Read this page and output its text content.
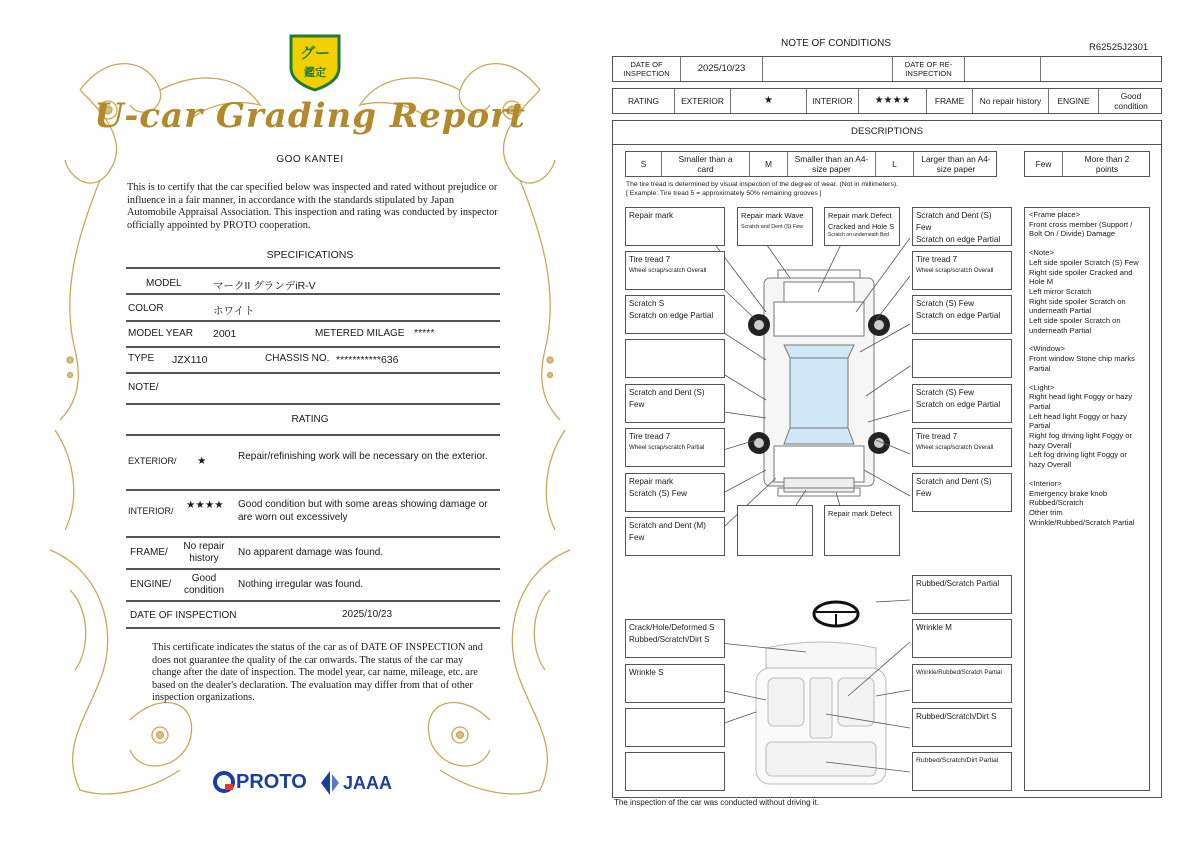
グー
鑑定
U-car Grading Report
GOO KANTEI
This is to certify that the car specified below was inspected and rated without prejudice or influence in a fair manner, in accordance with the standards stipulated by Japan Automobile Appraisal Association. This inspection and rating was conducted by inspector officially appointed by PROTO cooperation.
SPECIFICATIONS
MODEL	マークII グランデiR-V
COLOR	ホワイト
MODEL YEAR 2001	METERED MILAGE *****
TYPE JZX110	CHASSIS NO. ***********636
NOTE/
RATING
EXTERIOR/ ★	Repair/refinishing work will be necessary on the exterior.
INTERIOR/ ★★★★ Good condition but with some areas showing damage or are worn out excessively
FRAME/
No repair history	No apparent damage was found.
ENGINE/
Good condition	Nothing irregular was found.
DATE OF INSPECTION	2025/10/23
This certificate indicates the status of the car as of DATE OF INSPECTION and does not guarantee the quality of the car onwards. The status of the car may change after the date of inspection. The model year, car name, mileage, etc. are based on the dealer's declaration. The evaluation may differ from that of other inspection organizations.
PROTO JAAA
NOTE OF CONDITIONS	R62525J2301
DATE OF INSPECTION	2025/10/23	DATE OF RE-INSPECTION
RATING	EXTERIOR	★	INTERIOR	★★★★	FRAME	No repair history	ENGINE	Good condition
DESCRIPTIONS
S	Smaller than a card	M	Smaller than an A4-size paper	L	Larger than an A4-size paper	Few	More than 2 points
The tire tread is determined by visual inspection of the degree of wear. (Not in millimeters).
[ Example: Tire tread 5 = approximately 50% remaining grooves ]
Repair mark
Tire tread 7
Wheel scrap/scratch Overall
Scratch S
Scratch on edge Partial
Scratch and Dent (S) Few
Tire tread 7
Wheel scrap/scratch Partial
Repair mark
Scratch (S) Few
Scratch and Dent (M) Few
Repair mark Wave
Scratch and Dent (S) Few
Repair mark Defect
Cracked and Hole S
Scratch on underneath Bed
Repair mark Defect
Scratch and Dent (S) Few
Scratch on edge Partial
Tire tread 7
Wheel scrap/scratch Overall
Scratch (S) Few
Scratch on edge Partial
Scratch (S) Few
Scratch on edge Partial
Tire tread 7
Wheel scrap/scratch Overall
Scratch and Dent (S) Few
Rubbed/Scratch Partial
Crack/Hole/Deformed S
Rubbed/Scratch/Dirt S
Wrinkle M
Wrinkle S	Wrinkle/Rubbed/Scratch Partial
Rubbed/Scratch/Dirt S
Rubbed/Scratch/Dirt Partial
<Frame place>
Front cross member (Support / Bolt On / Divide) Damage
<Note>
Left side spoiler Scratch (S) Few
Right side spoiler Cracked and Hole M
Left mirror Scratch
Right side spoiler Scratch on underneath Partial
Left side spoiler Scratch on underneath Partial
<Window>
Front window Stone chip marks Partial
<Light>
Right head light Foggy or hazy Partial
Left head light Foggy or hazy Partial
Right fog driving light Foggy or hazy Overall
Left fog driving light Foggy or hazy Overall
<Interior>
Emergency brake knob Rubbed/Scratch
Other trim Wrinkle/Rubbed/Scratch Partial
The inspection of the car was conducted without driving it.
